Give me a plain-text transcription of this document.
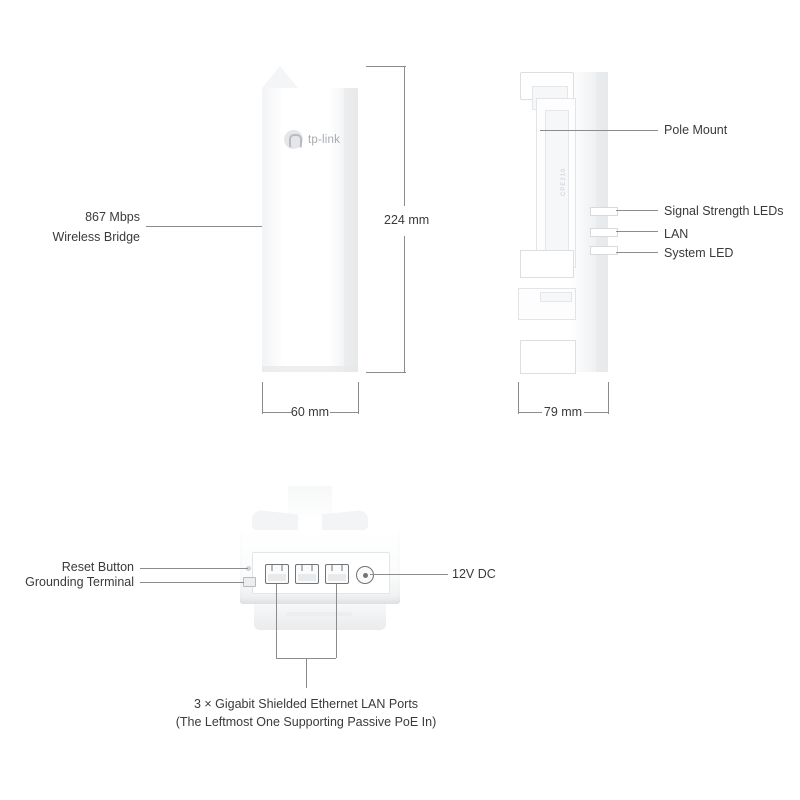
tp-link
867 Mbps
Wireless Bridge
224 mm
60 mm
CPE210
Pole Mount
Signal Strength LEDs
LAN
System LED
79 mm
Reset Button
Grounding Terminal
12V DC
3 × Gigabit Shielded Ethernet LAN Ports
(The Leftmost One Supporting Passive PoE In)
